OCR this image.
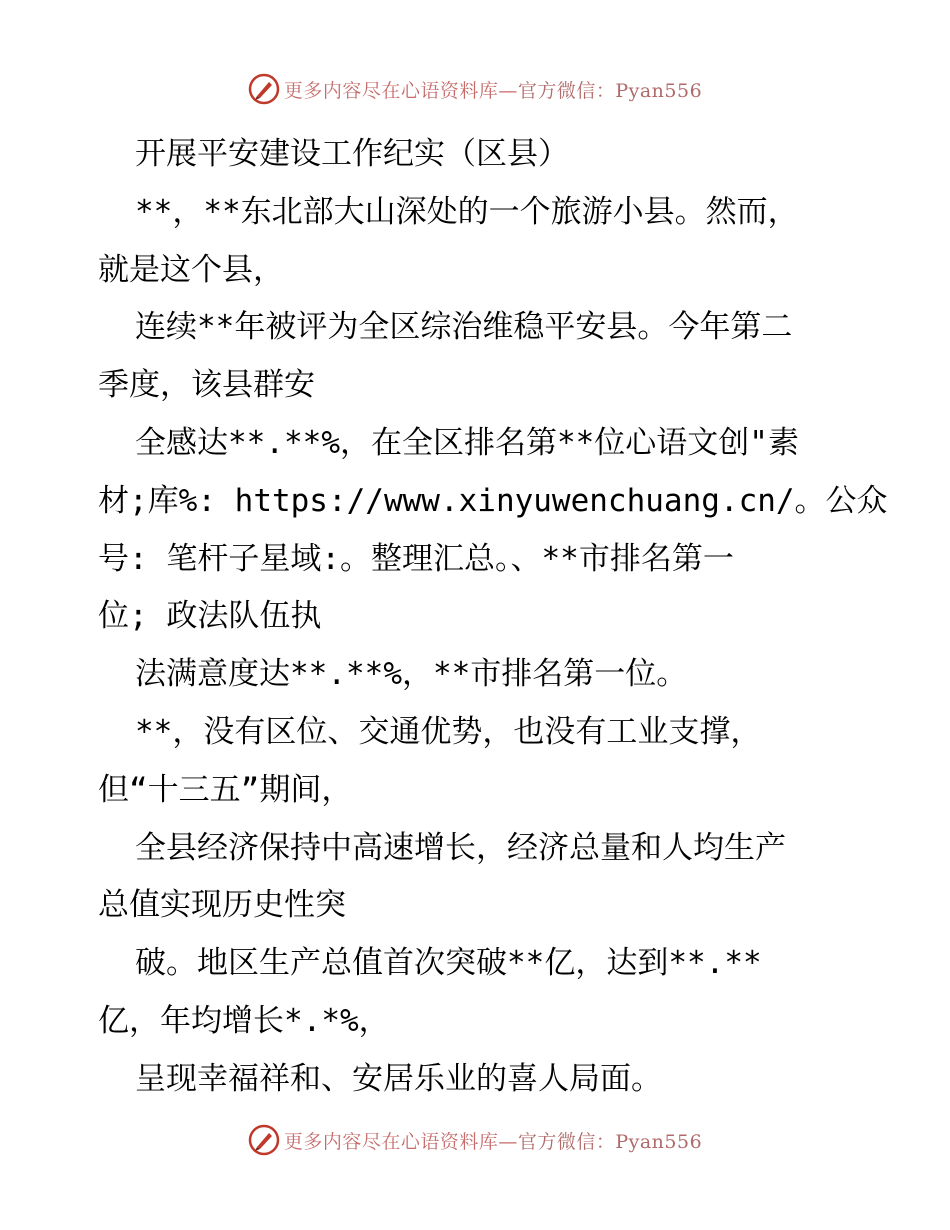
更多内容尽在心语资料库—官方微信：Pyan556
开展平安建设工作纪实（区县）
**，**东北部大山深处的一个旅游小县。然而，
就是这个县，
连续**年被评为全区综治维稳平安县。今年第二
季度，该县群安
全感达**.**%，在全区排名第**位心语文创"素
材;库%: https://www.xinyuwenchuang.cn/。公众
号: 笔杆子星域:。整理汇总。、**市排名第一
位; 政法队伍执
法满意度达**.**%，**市排名第一位。
**，没有区位、交通优势，也没有工业支撑，
但“十三五”期间，
全县经济保持中高速增长，经济总量和人均生产
总值实现历史性突
破。地区生产总值首次突破**亿，达到**.**
亿，年均增长*.*%，
呈现幸福祥和、安居乐业的喜人局面。
更多内容尽在心语资料库—官方微信：Pyan556
